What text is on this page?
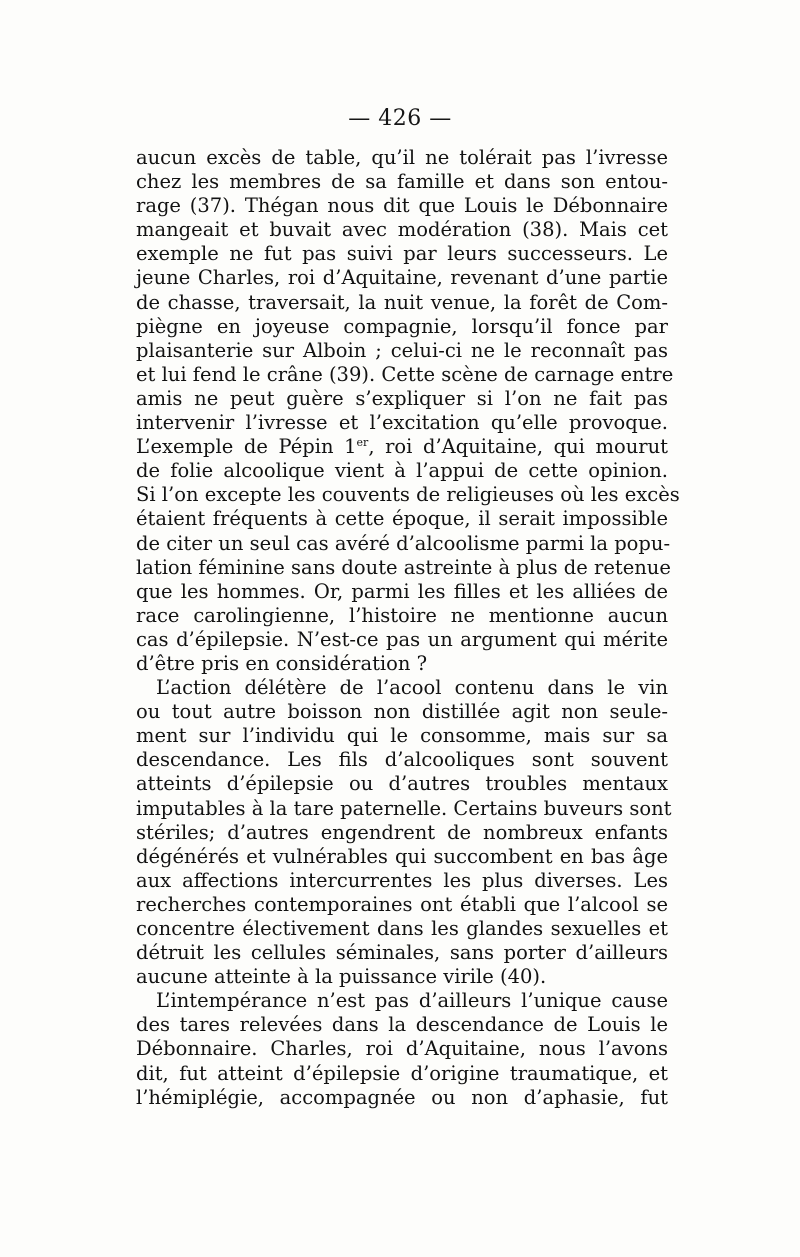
— 426 —
aucun excès de table, qu’il ne tolérait pas l’ivresse
chez les membres de sa famille et dans son entou-
rage (37). Thégan nous dit que Louis le Débonnaire
mangeait et buvait avec modération (38). Mais cet
exemple ne fut pas suivi par leurs successeurs. Le
jeune Charles, roi d’Aquitaine, revenant d’une partie
de chasse, traversait, la nuit venue, la forêt de Com-
piègne en joyeuse compagnie, lorsqu’il fonce par
plaisanterie sur Alboin ; celui-ci ne le reconnaît pas
et lui fend le crâne (39). Cette scène de carnage entre
amis ne peut guère s’expliquer si l’on ne fait pas
intervenir l’ivresse et l’excitation qu’elle provoque.
L’exemple de Pépin 1er, roi d’Aquitaine, qui mourut
de folie alcoolique vient à l’appui de cette opinion.
Si l’on excepte les couvents de religieuses où les excès
étaient fréquents à cette époque, il serait impossible
de citer un seul cas avéré d’alcoolisme parmi la popu-
lation féminine sans doute astreinte à plus de retenue
que les hommes. Or, parmi les filles et les alliées de
race carolingienne, l’histoire ne mentionne aucun
cas d’épilepsie. N’est-ce pas un argument qui mérite
d’être pris en considération ?
L’action délétère de l’acool contenu dans le vin
ou tout autre boisson non distillée agit non seule-
ment sur l’individu qui le consomme, mais sur sa
descendance. Les fils d’alcooliques sont souvent
atteints d’épilepsie ou d’autres troubles mentaux
imputables à la tare paternelle. Certains buveurs sont
stériles; d’autres engendrent de nombreux enfants
dégénérés et vulnérables qui succombent en bas âge
aux affections intercurrentes les plus diverses. Les
recherches contemporaines ont établi que l’alcool se
concentre électivement dans les glandes sexuelles et
détruit les cellules séminales, sans porter d’ailleurs
aucune atteinte à la puissance virile (40).
L’intempérance n’est pas d’ailleurs l’unique cause
des tares relevées dans la descendance de Louis le
Débonnaire. Charles, roi d’Aquitaine, nous l’avons
dit, fut atteint d’épilepsie d’origine traumatique, et
l’hémiplégie, accompagnée ou non d’aphasie, fut
